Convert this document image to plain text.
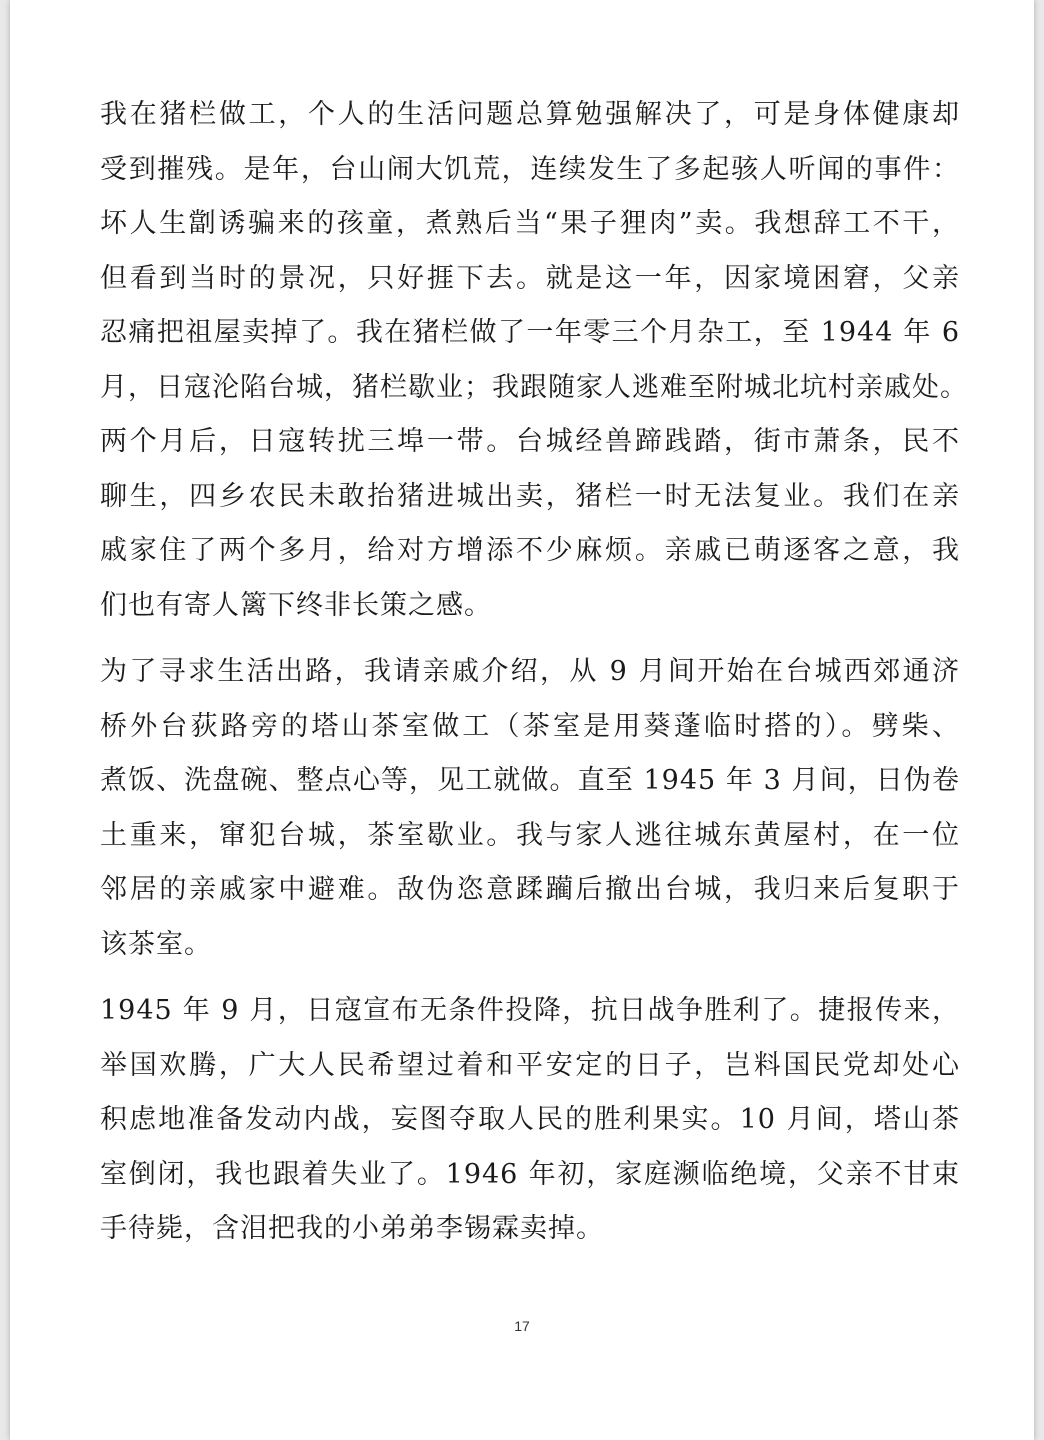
我在猪栏做工，个人的生活问题总算勉强解决了，可是身体健康却
受到摧残。是年，台山闹大饥荒，连续发生了多起骇人听闻的事件：
坏人生劏诱骗来的孩童，煮熟后当“果子狸肉”卖。我想辞工不干，
但看到当时的景况，只好捱下去。就是这一年，因家境困窘，父亲
忍痛把祖屋卖掉了。我在猪栏做了一年零三个月杂工，至 1944 年 6
月，日寇沦陷台城，猪栏歇业；我跟随家人逃难至附城北坑村亲戚处。
两个月后，日寇转扰三埠一带。台城经兽蹄践踏，街市萧条，民不
聊生，四乡农民未敢抬猪进城出卖，猪栏一时无法复业。我们在亲
戚家住了两个多月，给对方增添不少麻烦。亲戚已萌逐客之意，我
们也有寄人篱下终非长策之感。

为了寻求生活出路，我请亲戚介绍，从 9 月间开始在台城西郊通济
桥外台荻路旁的塔山茶室做工（茶室是用葵蓬临时搭的）。劈柴、
煮饭、洗盘碗、整点心等，见工就做。直至 1945 年 3 月间，日伪卷
土重来，窜犯台城，茶室歇业。我与家人逃往城东黄屋村，在一位
邻居的亲戚家中避难。敌伪恣意蹂躏后撤出台城，我归来后复职于
该茶室。

1945 年 9 月，日寇宣布无条件投降，抗日战争胜利了。捷报传来，
举国欢腾，广大人民希望过着和平安定的日子，岂料国民党却处心
积虑地准备发动内战，妄图夺取人民的胜利果实。10 月间，塔山茶
室倒闭，我也跟着失业了。1946 年初，家庭濒临绝境，父亲不甘束
手待毙，含泪把我的小弟弟李锡霖卖掉。

17
